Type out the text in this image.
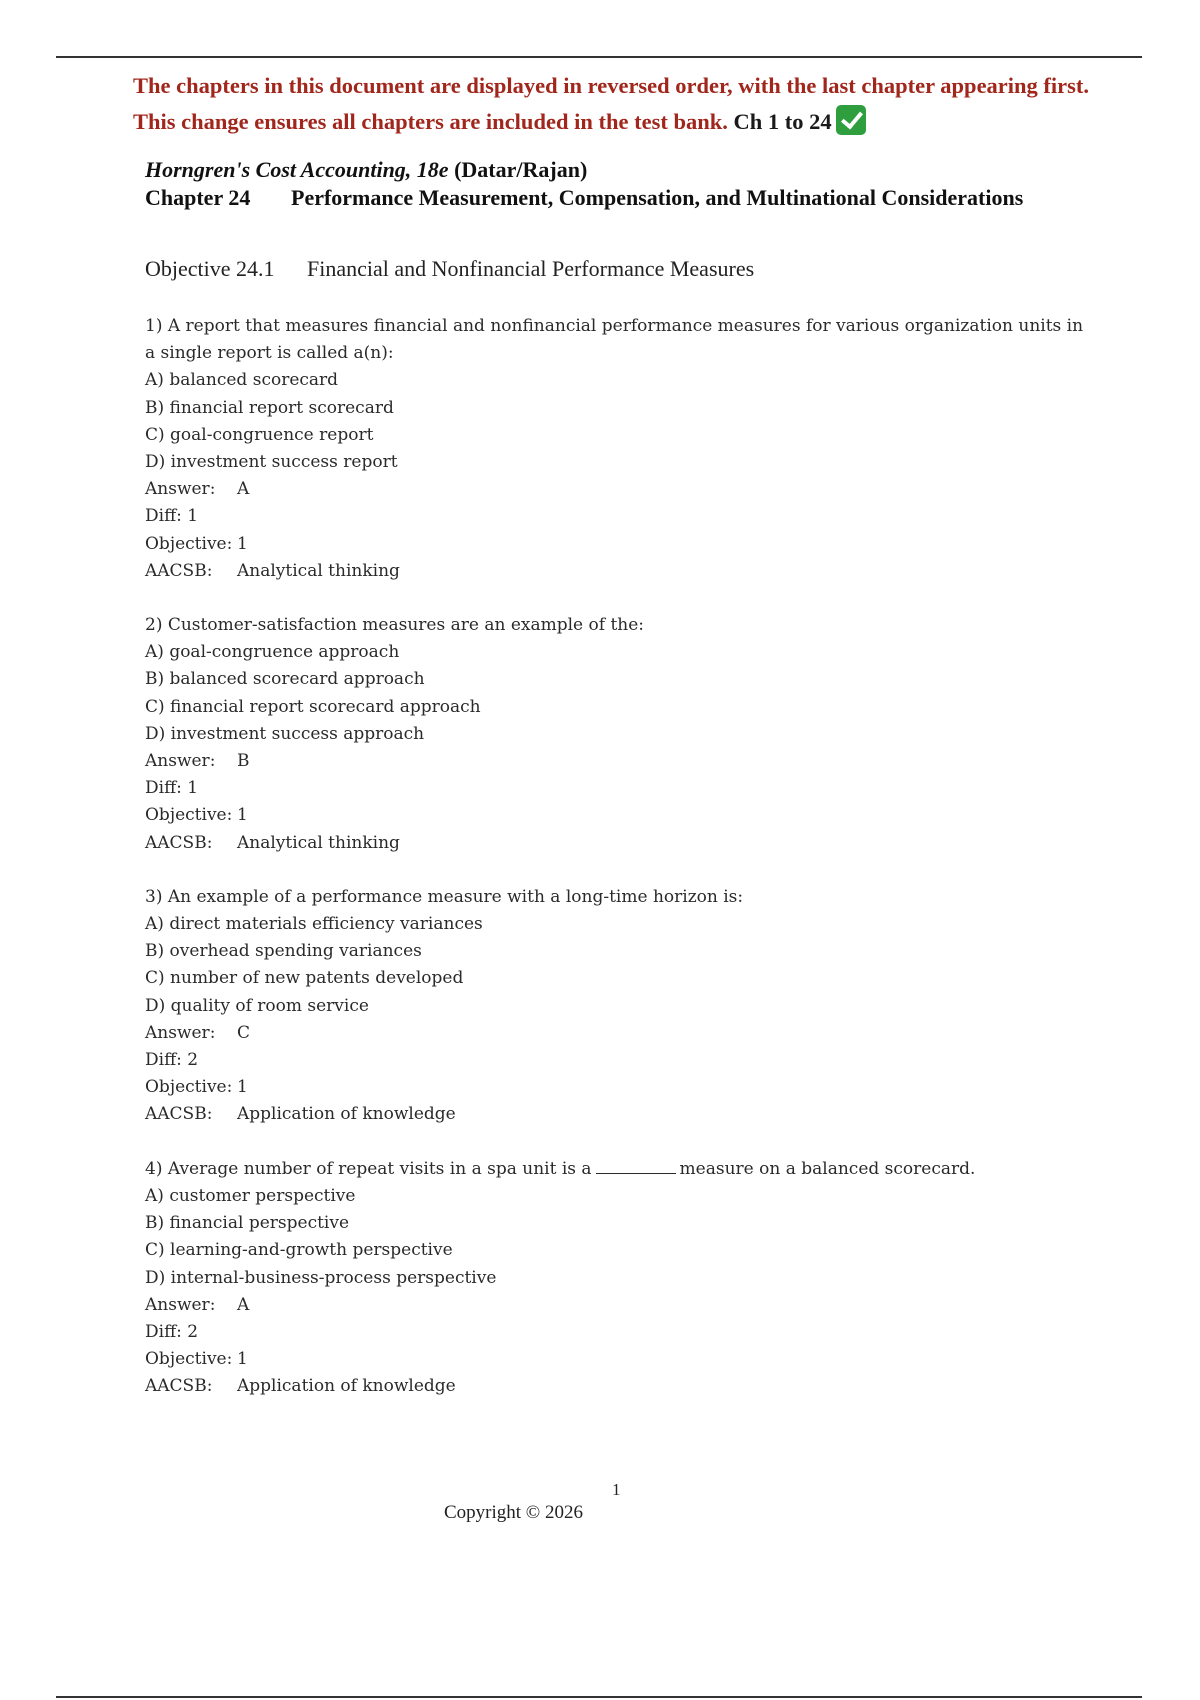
The chapters in this document are displayed in reversed order, with the last chapter appearing first. This change ensures all chapters are included in the test bank. Ch 1 to 24
Horngren's Cost Accounting, 18e (Datar/Rajan)
Chapter 24 Performance Measurement, Compensation, and Multinational Considerations
Objective 24.1 Financial and Nonfinancial Performance Measures
1) A report that measures financial and nonfinancial performance measures for various organization units in a single report is called a(n):
A) balanced scorecard
B) financial report scorecard
C) goal-congruence report
D) investment success report
Answer: A
Diff: 1
Objective: 1
AACSB: Analytical thinking
2) Customer-satisfaction measures are an example of the:
A) goal-congruence approach
B) balanced scorecard approach
C) financial report scorecard approach
D) investment success approach
Answer: B
Diff: 1
Objective: 1
AACSB: Analytical thinking
3) An example of a performance measure with a long-time horizon is:
A) direct materials efficiency variances
B) overhead spending variances
C) number of new patents developed
D) quality of room service
Answer: C
Diff: 2
Objective: 1
AACSB: Application of knowledge
4) Average number of repeat visits in a spa unit is a	measure on a balanced scorecard.
A) customer perspective
B) financial perspective
C) learning-and-growth perspective
D) internal-business-process perspective
Answer: A
Diff: 2
Objective: 1
AACSB: Application of knowledge
1
Copyright © 2026
